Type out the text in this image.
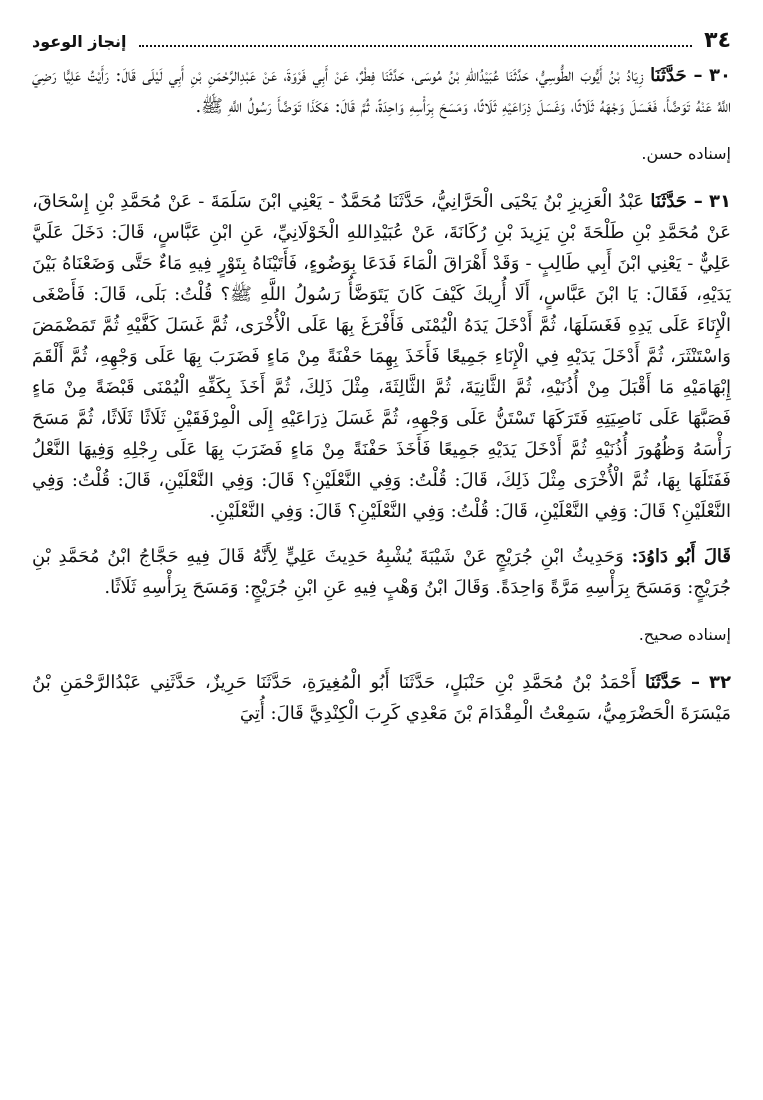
٣٤
إنجاز الوعود

٣٠ – حَدَّثَنَا زِيَادُ بْنُ أَيُّوبَ الطُّوسِيُّ، حَدَّثَنَا عُبَيْدُاللهِ بْنُ مُوسَى، حَدَّثَنَا فِطْرٌ، عَنْ أَبِي فَرْوَةَ، عَنْ عَبْدِالرَّحْمَنِ بْنِ أَبِي لَيْلَى قَالَ: رَأَيْتُ عَلِيًّا رَضِيَ اللَّهُ عَنْهُ تَوَضَّأَ، فَغَسَلَ وَجْهَهُ ثَلَاثًا، وَغَسَلَ ذِرَاعَيْهِ ثَلَاثًا، وَمَسَحَ بِرَأْسِهِ وَاحِدَةً، ثُمَّ قَالَ: هَكَذَا تَوَضَّأَ رَسُولُ اللَّهِ ﷺ.

إسناده حسن.

٣١ – حَدَّثَنَا عَبْدُ الْعَزِيزِ بْنُ يَحْيَى الْحَرَّانِيُّ، حَدَّثَنَا مُحَمَّدٌ - يَعْنِي ابْنَ سَلَمَةَ - عَنْ مُحَمَّدِ بْنِ إِسْحَاقَ، عَنْ مُحَمَّدِ بْنِ طَلْحَةَ بْنِ يَزِيدَ بْنِ رُكَانَةَ، عَنْ عُبَيْدِاللهِ الْخَوْلَانِيِّ، عَنِ ابْنِ عَبَّاسٍ، قَالَ: دَخَلَ عَلَيَّ عَلِيٌّ - يَعْنِي ابْنَ أَبِي طَالِبٍ - وَقَدْ أَهْرَاقَ الْمَاءَ فَدَعَا بِوَضُوءٍ، فَأَتَيْنَاهُ بِتَوْرٍ فِيهِ مَاءٌ حَتَّى وَضَعْنَاهُ بَيْنَ يَدَيْهِ، فَقَالَ: يَا ابْنَ عَبَّاسٍ، أَلَا أُرِيكَ كَيْفَ كَانَ يَتَوَضَّأُ رَسُولُ اللَّهِ ﷺ؟ قُلْتُ: بَلَى، قَالَ: فَأَصْغَى الْإِنَاءَ عَلَى يَدِهِ فَغَسَلَهَا، ثُمَّ أَدْخَلَ يَدَهُ الْيُمْنَى فَأَفْرَغَ بِهَا عَلَى الْأُخْرَى، ثُمَّ غَسَلَ كَفَّيْهِ ثُمَّ تَمَضْمَضَ وَاسْتَنْثَرَ، ثُمَّ أَدْخَلَ يَدَيْهِ فِي الْإِنَاءِ جَمِيعًا فَأَخَذَ بِهِمَا حَفْنَةً مِنْ مَاءٍ فَضَرَبَ بِهَا عَلَى وَجْهِهِ، ثُمَّ أَلْقَمَ إِبْهَامَيْهِ مَا أَقْبَلَ مِنْ أُذُنَيْهِ، ثُمَّ الثَّانِيَةَ، ثُمَّ الثَّالِثَةَ، مِثْلَ ذَلِكَ، ثُمَّ أَخَذَ بِكَفِّهِ الْيُمْنَى قَبْضَةً مِنْ مَاءٍ فَصَبَّهَا عَلَى نَاصِيَتِهِ فَتَرَكَهَا تَسْتَنُّ عَلَى وَجْهِهِ، ثُمَّ غَسَلَ ذِرَاعَيْهِ إِلَى الْمِرْفَقَيْنِ ثَلَاثًا ثَلَاثًا، ثُمَّ مَسَحَ رَأْسَهُ وَظُهُورَ أُذُنَيْهِ ثُمَّ أَدْخَلَ يَدَيْهِ جَمِيعًا فَأَخَذَ حَفْنَةً مِنْ مَاءٍ فَضَرَبَ بِهَا عَلَى رِجْلِهِ وَفِيهَا النَّعْلُ فَفَتَلَهَا بِهَا، ثُمَّ الْأُخْرَى مِثْلَ ذَلِكَ، قَالَ: قُلْتُ: وَفِي النَّعْلَيْنِ؟ قَالَ: وَفِي النَّعْلَيْنِ، قَالَ: قُلْتُ: وَفِي النَّعْلَيْنِ؟ قَالَ: وَفِي النَّعْلَيْنِ، قَالَ: قُلْتُ: وَفِي النَّعْلَيْنِ؟ قَالَ: وَفِي النَّعْلَيْنِ.

قَالَ أَبُو دَاوُدَ: وَحَدِيثُ ابْنِ جُرَيْجٍ عَنْ شَيْبَةَ يُشْبِهُ حَدِيثَ عَلِيٍّ لِأَنَّهُ قَالَ فِيهِ حَجَّاجُ ابْنُ مُحَمَّدِ بْنِ جُرَيْجٍ: وَمَسَحَ بِرَأْسِهِ مَرَّةً وَاحِدَةً. وَقَالَ ابْنُ وَهْبٍ فِيهِ عَنِ ابْنِ جُرَيْجٍ: وَمَسَحَ بِرَأْسِهِ ثَلَاثًا.

إسناده صحيح.

٣٢ – حَدَّثَنَا أَحْمَدُ بْنُ مُحَمَّدِ بْنِ حَنْبَلٍ، حَدَّثَنَا أَبُو الْمُغِيرَةِ، حَدَّثَنَا حَرِيزٌ، حَدَّثَنِي عَبْدُالرَّحْمَنِ بْنُ مَيْسَرَةَ الْحَضْرَمِيُّ، سَمِعْتُ الْمِقْدَامَ بْنَ مَعْدِي كَرِبَ الْكِنْدِيَّ قَالَ: أُتِيَ
